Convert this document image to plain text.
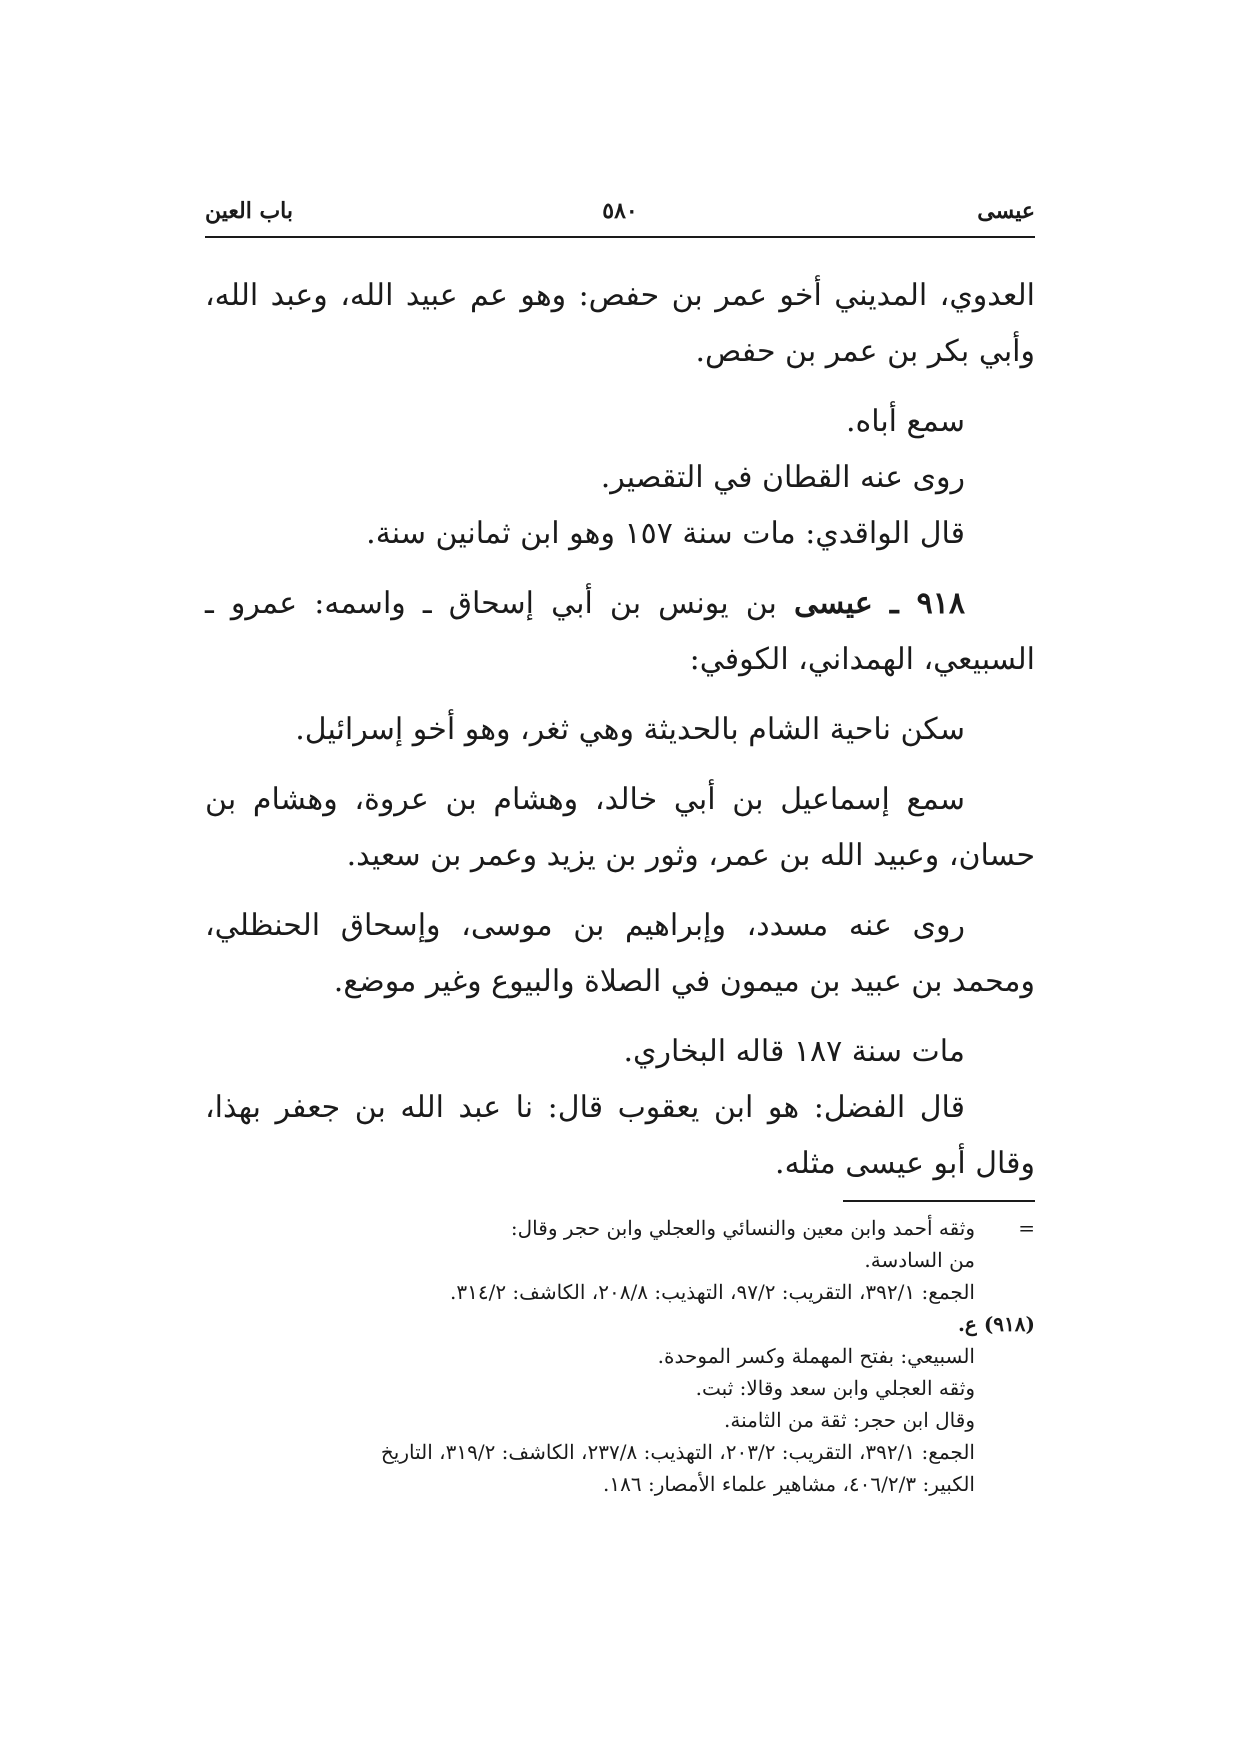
باب العين	٥٨٠	عيسى

العدوي، المديني أخو عمر بن حفص: وهو عم عبيد الله، وعبد الله، وأبي بكر بن عمر بن حفص.

سمع أباه.

روى عنه القطان في التقصير.

قال الواقدي: مات سنة ١٥٧ وهو ابن ثمانين سنة.

٩١٨ ـ عيسى بن يونس بن أبي إسحاق ـ واسمه: عمرو ـ السبيعي، الهمداني، الكوفي:

سكن ناحية الشام بالحديثة وهي ثغر، وهو أخو إسرائيل.

سمع إسماعيل بن أبي خالد، وهشام بن عروة، وهشام بن حسان، وعبيد الله بن عمر، وثور بن يزيد وعمر بن سعيد.

روى عنه مسدد، وإبراهيم بن موسى، وإسحاق الحنظلي، ومحمد بن عبيد بن ميمون في الصلاة والبيوع وغير موضع.

مات سنة ١٨٧ قاله البخاري.

قال الفضل: هو ابن يعقوب قال: نا عبد الله بن جعفر بهذا، وقال أبو عيسى مثله.

=

وثقه أحمد وابن معين والنسائي والعجلي وابن حجر وقال:

من السادسة.

الجمع: ٣٩٢/١، التقريب: ٩٧/٢، التهذيب: ٢٠٨/٨، الكاشف: ٣١٤/٢.

(٩١٨) ع.

السبيعي: بفتح المهملة وكسر الموحدة.

وثقه العجلي وابن سعد وقالا: ثبت.

وقال ابن حجر: ثقة من الثامنة.

الجمع: ٣٩٢/١، التقريب: ٢٠٣/٢، التهذيب: ٢٣٧/٨، الكاشف: ٣١٩/٢، التاريخ

الكبير: ٤٠٦/٢/٣، مشاهير علماء الأمصار: ١٨٦.
